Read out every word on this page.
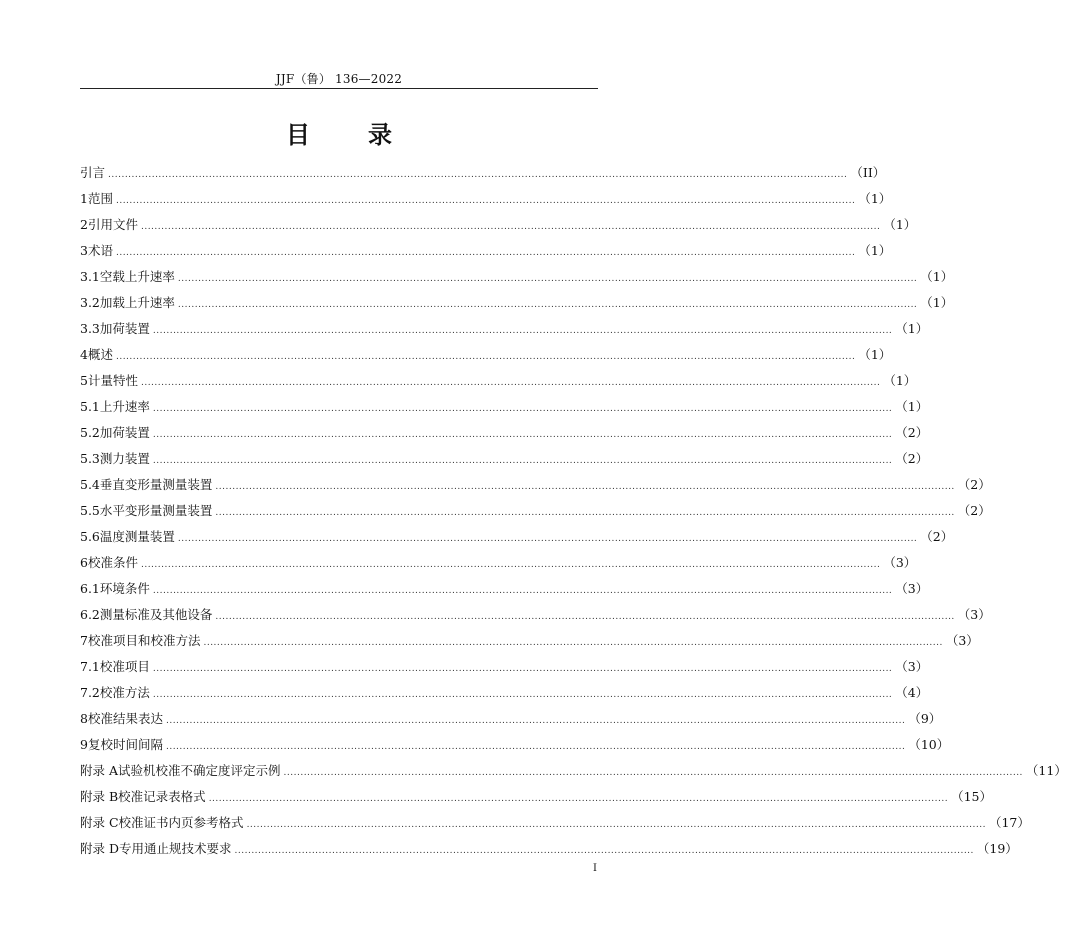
JJF（鲁） 136—2022
目 录
引言 ............................................................................................................................................................................................................................ （II）
1 范围 ............................................................................................................................................................................................................................ （1）
2 引用文件 ............................................................................................................................................................................................................................ （1）
3 术语 ............................................................................................................................................................................................................................ （1）
3.1 空载上升速率 ............................................................................................................................................................................................................................ （1）
3.2 加载上升速率 ............................................................................................................................................................................................................................ （1）
3.3 加荷装置 ............................................................................................................................................................................................................................ （1）
4 概述 ............................................................................................................................................................................................................................ （1）
5 计量特性 ............................................................................................................................................................................................................................ （1）
5.1 上升速率 ............................................................................................................................................................................................................................ （1）
5.2 加荷装置 ............................................................................................................................................................................................................................ （2）
5.3 测力装置 ............................................................................................................................................................................................................................ （2）
5.4 垂直变形量测量装置 ............................................................................................................................................................................................................................ （2）
5.5 水平变形量测量装置 ............................................................................................................................................................................................................................ （2）
5.6 温度测量装置 ............................................................................................................................................................................................................................ （2）
6 校准条件 ............................................................................................................................................................................................................................ （3）
6.1 环境条件 ............................................................................................................................................................................................................................ （3）
6.2 测量标准及其他设备 ............................................................................................................................................................................................................................ （3）
7 校准项目和校准方法 ............................................................................................................................................................................................................................ （3）
7.1 校准项目 ............................................................................................................................................................................................................................ （3）
7.2 校准方法 ............................................................................................................................................................................................................................ （4）
8 校准结果表达 ............................................................................................................................................................................................................................ （9）
9 复校时间间隔 ............................................................................................................................................................................................................................ （10）
附录 A 试验机校准不确定度评定示例 ............................................................................................................................................................................................................................ （11）
附录 B 校准记录表格式 ............................................................................................................................................................................................................................ （15）
附录 C 校准证书内页参考格式 ............................................................................................................................................................................................................................ （17）
附录 D 专用通止规技术要求 ............................................................................................................................................................................................................................ （19）
I
